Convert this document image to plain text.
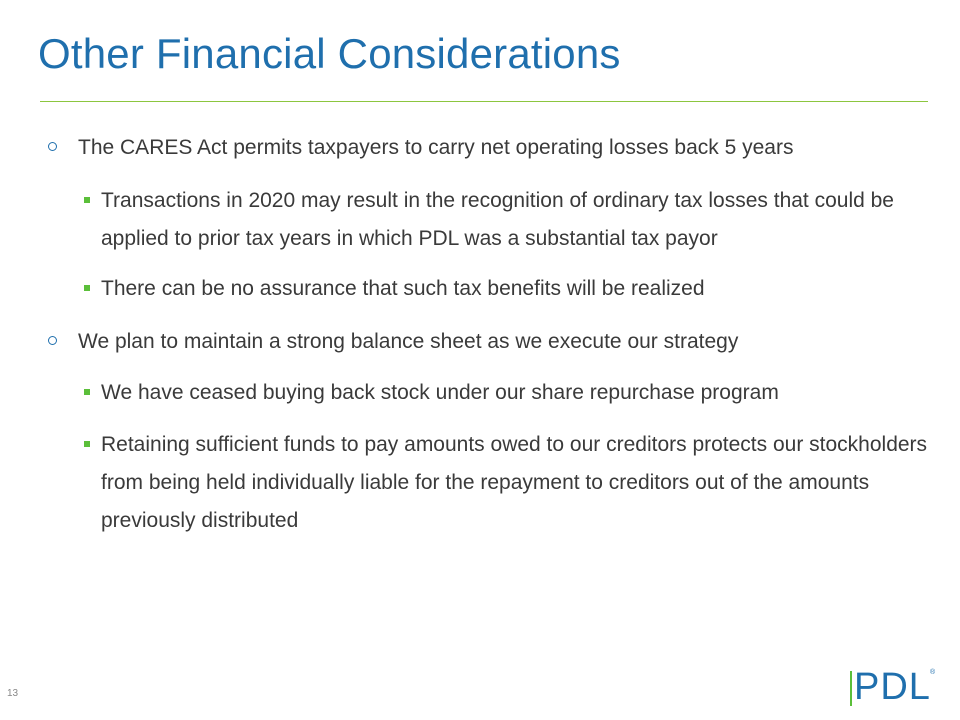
Other Financial Considerations
The CARES Act permits taxpayers to carry net operating losses back 5 years
Transactions in 2020 may result in the recognition of ordinary tax losses that could be applied to prior tax years in which PDL was a substantial tax payor
There can be no assurance that such tax benefits will be realized
We plan to maintain a strong balance sheet as we execute our strategy
We have ceased buying back stock under our share repurchase program
Retaining sufficient funds to pay amounts owed to our creditors protects our stockholders from being held individually liable for the repayment to creditors out of the amounts previously distributed
13	PDL ®
